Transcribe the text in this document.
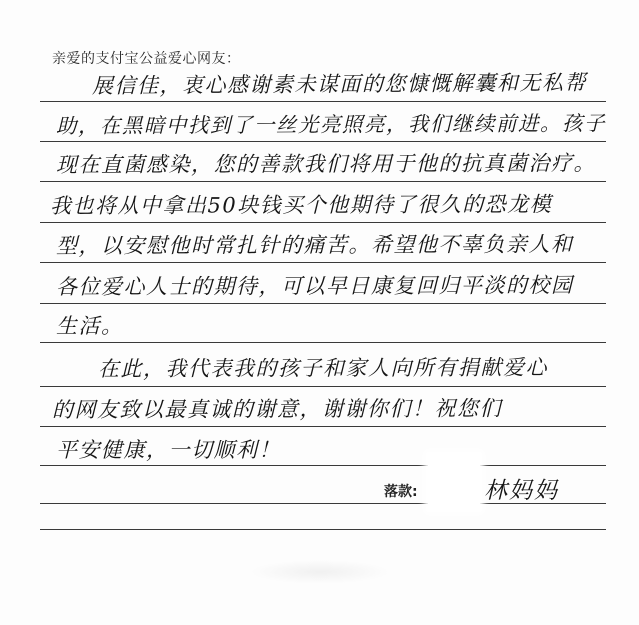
亲爱的支付宝公益爱心网友：
展信佳，衷心感谢素未谋面的您慷慨解囊和无私帮
助，在黑暗中找到了一丝光亮照亮，我们继续前进。孩子
现在直菌感染，您的善款我们将用于他的抗真菌治疗。
我也将从中拿出50块钱买个他期待了很久的恐龙模
型，以安慰他时常扎针的痛苦。希望他不辜负亲人和
各位爱心人士的期待，可以早日康复回归平淡的校园
生活。
在此，我代表我的孩子和家人向所有捐献爱心
的网友致以最真诚的谢意，谢谢你们！祝您们
平安健康，一切顺利！
落款:	林妈妈
